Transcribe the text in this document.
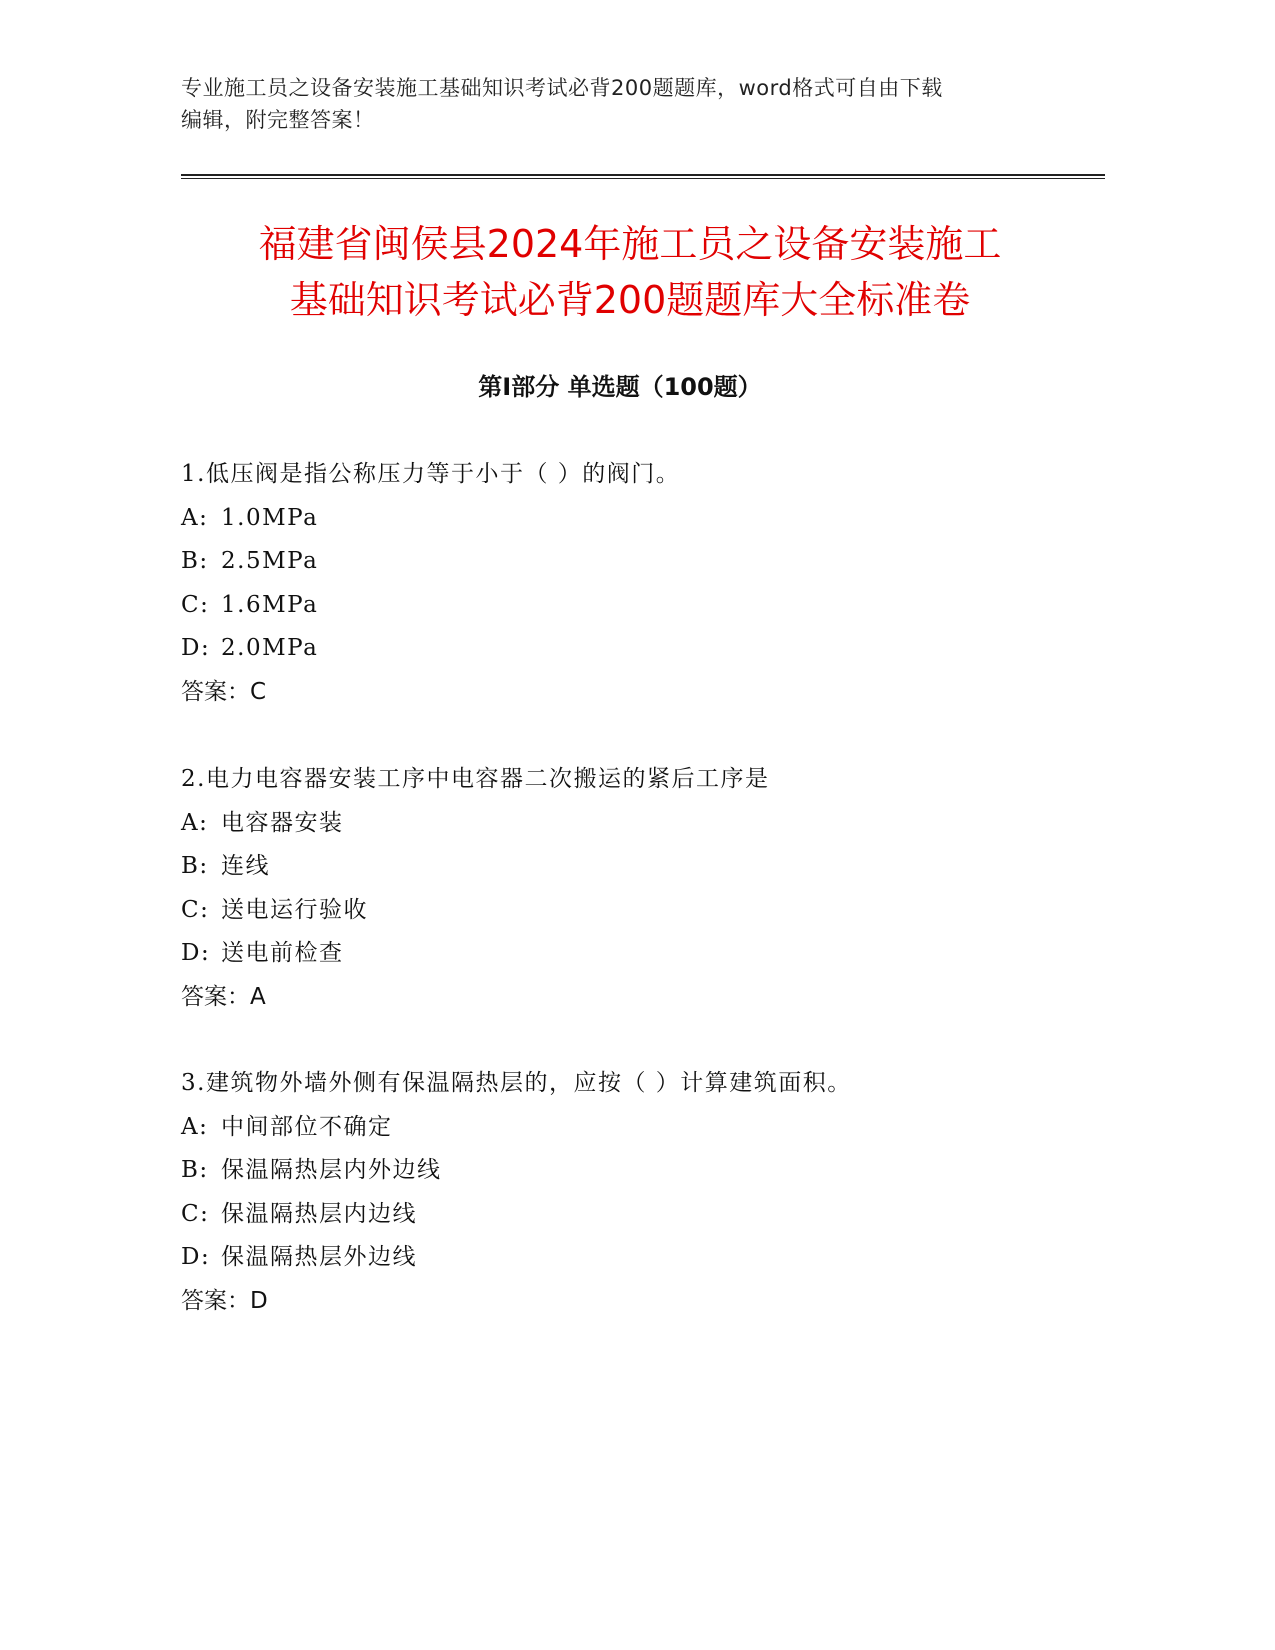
专业施工员之设备安装施工基础知识考试必背200题题库，word格式可自由下载
编辑，附完整答案！
福建省闽侯县2024年施工员之设备安装施工
基础知识考试必背200题题库大全标准卷
第Ⅰ部分 单选题（100题）
1.低压阀是指公称压力等于小于（ ）的阀门。
A: 1.0MPa
B: 2.5MPa
C: 1.6MPa
D: 2.0MPa
答案：C
2.电力电容器安装工序中电容器二次搬运的紧后工序是
A: 电容器安装
B: 连线
C: 送电运行验收
D: 送电前检查
答案：A
3.建筑物外墙外侧有保温隔热层的，应按（ ）计算建筑面积。
A: 中间部位不确定
B: 保温隔热层内外边线
C: 保温隔热层内边线
D: 保温隔热层外边线
答案：D
